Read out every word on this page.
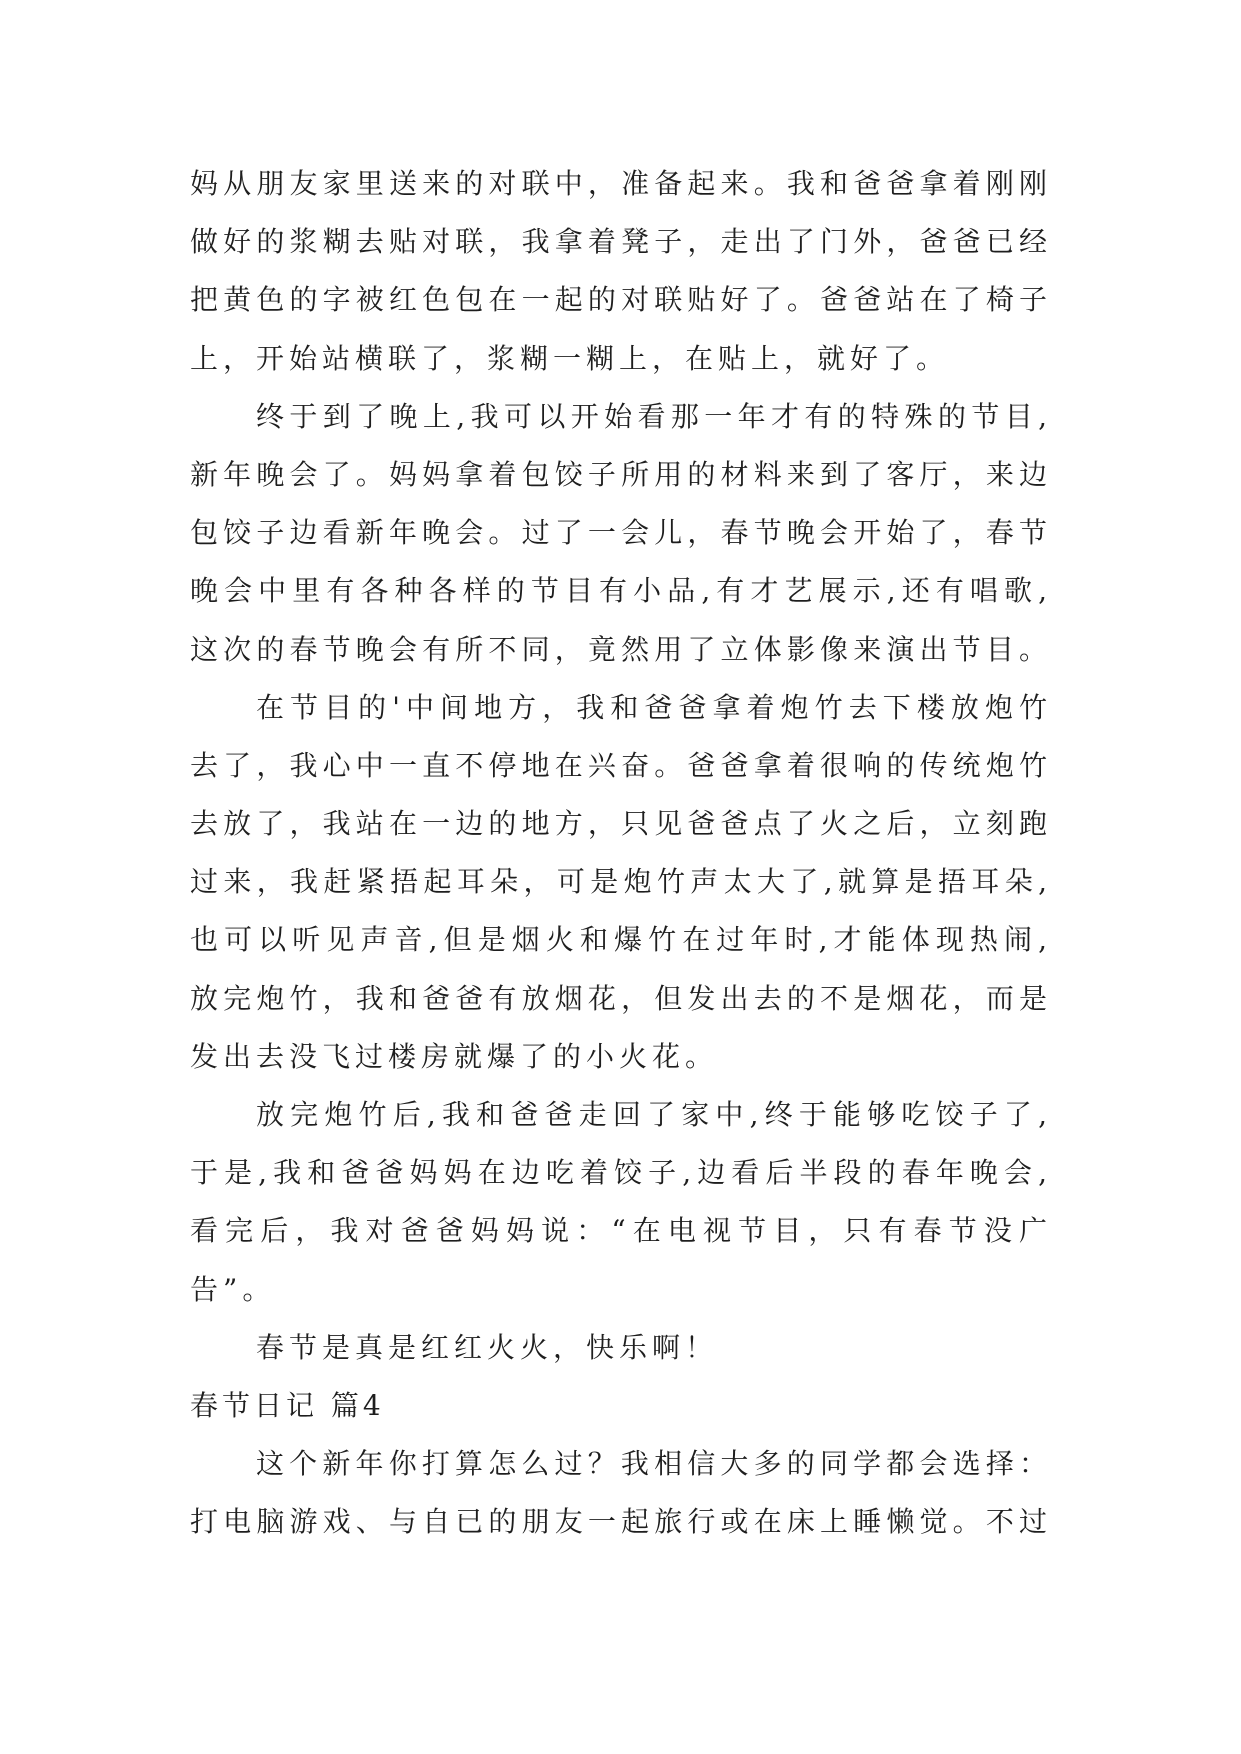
妈从朋友家里送来的对联中，准备起来。我和爸爸拿着刚刚
做好的浆糊去贴对联，我拿着凳子，走出了门外，爸爸已经
把黄色的字被红色包在一起的对联贴好了。爸爸站在了椅子
上，开始站横联了，浆糊一糊上，在贴上，就好了。
终于到了晚上,我可以开始看那一年才有的特殊的节目,
新年晚会了。妈妈拿着包饺子所用的材料来到了客厅，来边
包饺子边看新年晚会。过了一会儿，春节晚会开始了，春节
晚会中里有各种各样的节目有小品,有才艺展示,还有唱歌,
这次的春节晚会有所不同，竟然用了立体影像来演出节目。
在节目的'中间地方，我和爸爸拿着炮竹去下楼放炮竹
去了，我心中一直不停地在兴奋。爸爸拿着很响的传统炮竹
去放了，我站在一边的地方，只见爸爸点了火之后，立刻跑
过来，我赶紧捂起耳朵，可是炮竹声太大了,就算是捂耳朵,
也可以听见声音,但是烟火和爆竹在过年时,才能体现热闹,
放完炮竹，我和爸爸有放烟花，但发出去的不是烟花，而是
发出去没飞过楼房就爆了的小火花。
放完炮竹后,我和爸爸走回了家中,终于能够吃饺子了,
于是,我和爸爸妈妈在边吃着饺子,边看后半段的春年晚会,
看完后，我对爸爸妈妈说：“在电视节目，只有春节没广
告”。
春节是真是红红火火，快乐啊！
春节日记 篇4
这个新年你打算怎么过？我相信大多的同学都会选择：
打电脑游戏、与自已的朋友一起旅行或在床上睡懒觉。不过
